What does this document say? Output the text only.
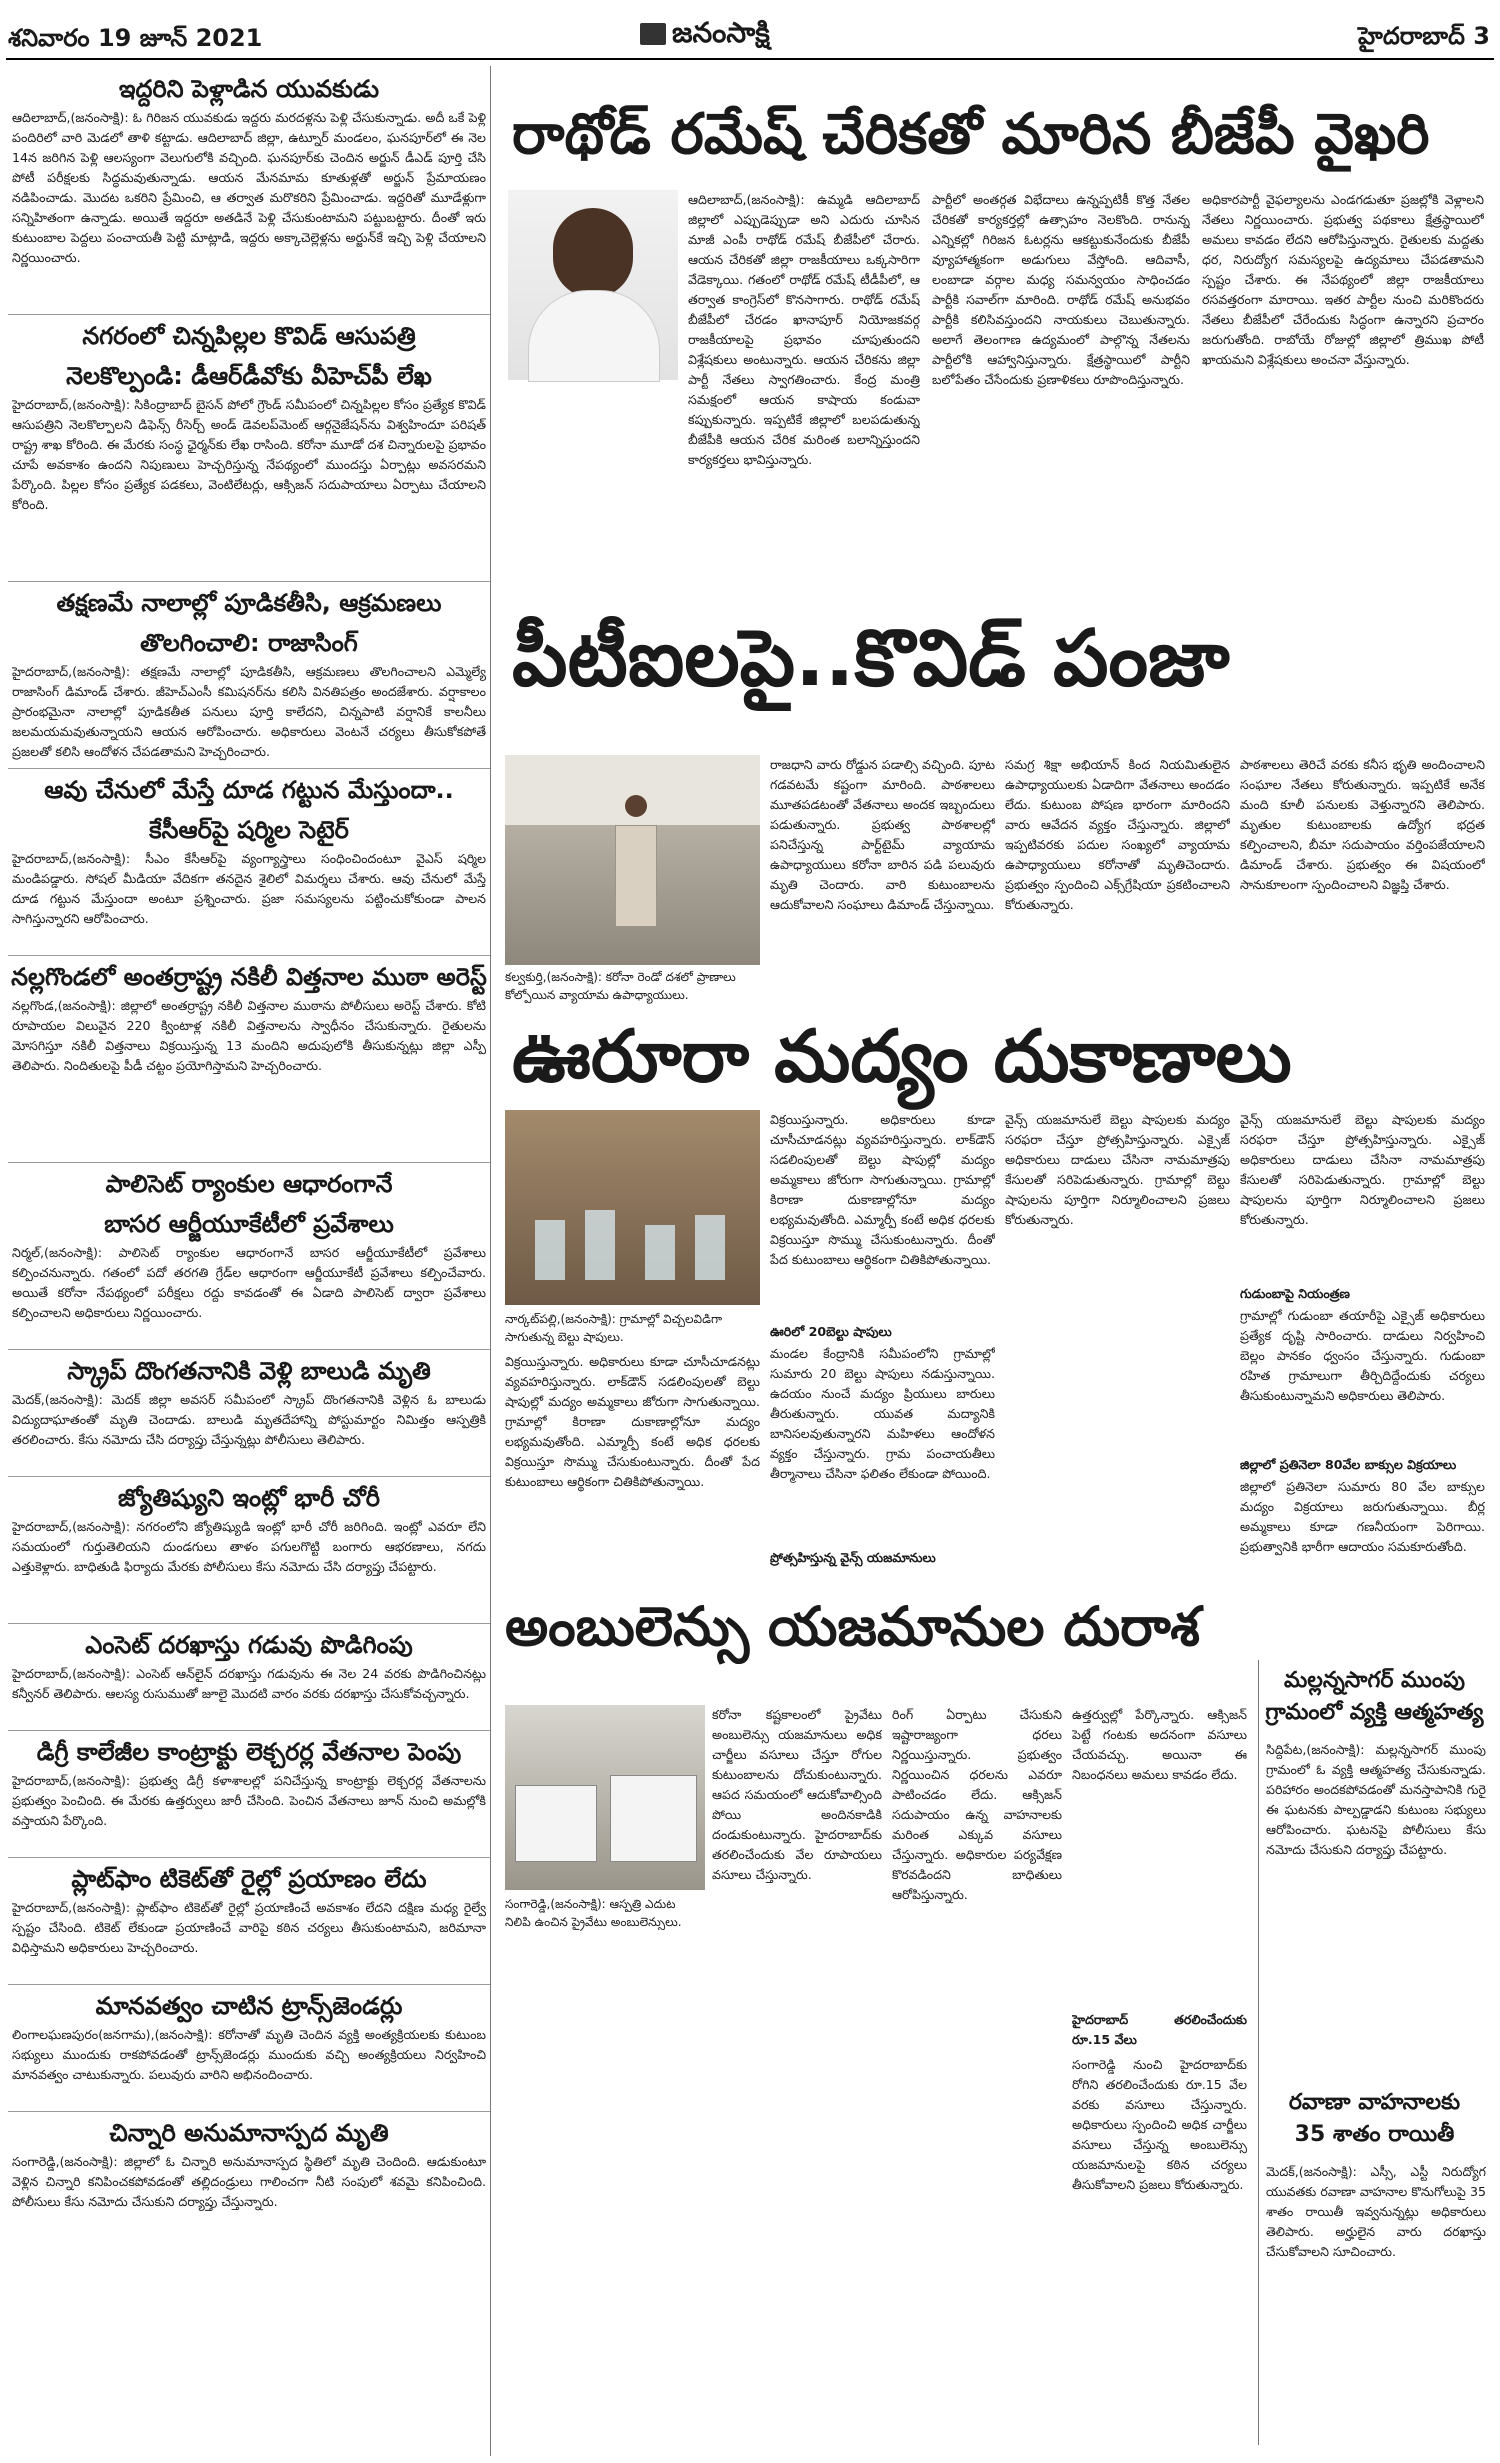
శనివారం 19 జూన్ 2021	జనంసాక్షి	హైదరాబాద్ 3
ఇద్దరిని పెళ్లాడిన యువకుడు
ఆదిలాబాద్‌,(జనంసాక్షి): ఓ గిరిజన యువకుడు ఇద్దరు మరదళ్లను పెళ్లి చేసుకున్నాడు. అదీ ఒకే పెళ్లి పందిరిలో వారి మెడలో తాళి కట్టాడు. ఆదిలాబాద్‌ జిల్లా, ఉట్నూర్‌ మండలం, ఘనపూర్‌లో ఈ నెల 14న జరిగిన పెళ్లి ఆలస్యంగా వెలుగులోకి వచ్చింది. ఘనపూర్‌కు చెందిన అర్జున్‌ డీఎడ్‌ పూర్తి చేసి పోటీ పరీక్షలకు సిద్ధమవుతున్నాడు. ఆయన మేనమామ కూతుళ్లతో అర్జున్‌ ప్రేమాయణం నడిపించాడు. మొదట ఒకరిని ప్రేమించి, ఆ తర్వాత మరొకరిని ప్రేమించాడు. ఇద్దరితో మూడేళ్లుగా సన్నిహితంగా ఉన్నాడు. అయితే ఇద్దరూ అతడినే పెళ్లి చేసుకుంటామని పట్టుబట్టారు. దీంతో ఇరు కుటుంబాల పెద్దలు పంచాయతీ పెట్టి మాట్లాడి, ఇద్దరు అక్కాచెల్లెళ్లను అర్జున్‌కే ఇచ్చి పెళ్లి చేయాలని నిర్ణయించారు.
నగరంలో చిన్నపిల్లల కొవిడ్‌ ఆసుపత్రి
నెలకొల్పండి: డీఆర్‌డీవోకు వీహెచ్‌పీ లేఖ
హైదరాబాద్‌,(జనంసాక్షి): సికింద్రాబాద్‌ బైసన్‌ పోలో గ్రౌండ్‌ సమీపంలో చిన్నపిల్లల కోసం ప్రత్యేక కొవిడ్‌ ఆసుపత్రిని నెలకొల్పాలని డిఫెన్స్‌ రీసెర్చ్‌ అండ్‌ డెవలప్‌మెంట్‌ ఆర్గనైజేషన్‌ను విశ్వహిందూ పరిషత్‌ రాష్ట్ర శాఖ కోరింది. ఈ మేరకు సంస్థ ఛైర్మన్‌కు లేఖ రాసింది. కరోనా మూడో దశ చిన్నారులపై ప్రభావం చూపే అవకాశం ఉందని నిపుణులు హెచ్చరిస్తున్న నేపథ్యంలో ముందస్తు ఏర్పాట్లు అవసరమని పేర్కొంది. పిల్లల కోసం ప్రత్యేక పడకలు, వెంటిలేటర్లు, ఆక్సిజన్‌ సదుపాయాలు ఏర్పాటు చేయాలని కోరింది.
తక్షణమే నాలాల్లో పూడికతీసి, ఆక్రమణలు
తొలగించాలి: రాజాసింగ్‌
హైదరాబాద్‌,(జనంసాక్షి): తక్షణమే నాలాల్లో పూడికతీసి, ఆక్రమణలు తొలగించాలని ఎమ్మెల్యే రాజాసింగ్‌ డిమాండ్‌ చేశారు. జీహెచ్‌ఎంసీ కమిషనర్‌ను కలిసి వినతిపత్రం అందజేశారు. వర్షాకాలం ప్రారంభమైనా నాలాల్లో పూడికతీత పనులు పూర్తి కాలేదని, చిన్నపాటి వర్షానికే కాలనీలు జలమయమవుతున్నాయని ఆయన ఆరోపించారు. అధికారులు వెంటనే చర్యలు తీసుకోకపోతే ప్రజలతో కలిసి ఆందోళన చేపడతామని హెచ్చరించారు.
ఆవు చేనులో మేస్తే దూడ గట్టున మేస్తుందా..
కేసీఆర్‌పై షర్మిల సెటైర్‌
హైదరాబాద్‌,(జనంసాక్షి): సీఎం కేసీఆర్‌పై వ్యంగ్యాస్త్రాలు సంధించిందంటూ వైఎస్‌ షర్మిల మండిపడ్డారు. సోషల్‌ మీడియా వేదికగా తనదైన శైలిలో విమర్శలు చేశారు. ఆవు చేనులో మేస్తే దూడ గట్టున మేస్తుందా అంటూ ప్రశ్నించారు. ప్రజా సమస్యలను పట్టించుకోకుండా పాలన సాగిస్తున్నారని ఆరోపించారు.
నల్లగొండలో అంతర్రాష్ట్ర నకిలీ విత్తనాల ముఠా అరెస్ట్‌
నల్లగొండ,(జనంసాక్షి): జిల్లాలో అంతర్రాష్ట్ర నకిలీ విత్తనాల ముఠాను పోలీసులు అరెస్ట్‌ చేశారు. కోటి రూపాయల విలువైన 220 క్వింటాళ్ల నకిలీ విత్తనాలను స్వాధీనం చేసుకున్నారు. రైతులను మోసగిస్తూ నకిలీ విత్తనాలు విక్రయిస్తున్న 13 మందిని అదుపులోకి తీసుకున్నట్లు జిల్లా ఎస్పీ తెలిపారు. నిందితులపై పీడీ చట్టం ప్రయోగిస్తామని హెచ్చరించారు.
పాలిసెట్‌ ర్యాంకుల ఆధారంగానే
బాసర ఆర్జీయూకేటీలో ప్రవేశాలు
నిర్మల్‌,(జనంసాక్షి): పాలిసెట్‌ ర్యాంకుల ఆధారంగానే బాసర ఆర్జీయూకేటీలో ప్రవేశాలు కల్పించనున్నారు. గతంలో పదో తరగతి గ్రేడ్‌ల ఆధారంగా ఆర్జీయూకేటీ ప్రవేశాలు కల్పించేవారు. అయితే కరోనా నేపథ్యంలో పరీక్షలు రద్దు కావడంతో ఈ ఏడాది పాలిసెట్‌ ద్వారా ప్రవేశాలు కల్పించాలని అధికారులు నిర్ణయించారు.
స్క్రాప్‌ దొంగతనానికి వెళ్లి బాలుడి మృతి
మెదక్‌,(జనంసాక్షి): మెదక్‌ జిల్లా అవసర్‌ సమీపంలో స్క్రాప్‌ దొంగతనానికి వెళ్లిన ఓ బాలుడు విద్యుదాఘాతంతో మృతి చెందాడు. బాలుడి మృతదేహాన్ని పోస్టుమార్టం నిమిత్తం ఆస్పత్రికి తరలించారు. కేసు నమోదు చేసి దర్యాప్తు చేస్తున్నట్లు పోలీసులు తెలిపారు.
జ్యోతిష్యుని ఇంట్లో భారీ చోరీ
హైదరాబాద్‌,(జనంసాక్షి): నగరంలోని జ్యోతిష్యుడి ఇంట్లో భారీ చోరీ జరిగింది. ఇంట్లో ఎవరూ లేని సమయంలో గుర్తుతెలియని దుండగులు తాళం పగులగొట్టి బంగారు ఆభరణాలు, నగదు ఎత్తుకెళ్లారు. బాధితుడి ఫిర్యాదు మేరకు పోలీసులు కేసు నమోదు చేసి దర్యాప్తు చేపట్టారు.
ఎంసెట్‌ దరఖాస్తు గడువు పొడిగింపు
హైదరాబాద్‌,(జనంసాక్షి): ఎంసెట్‌ ఆన్‌లైన్‌ దరఖాస్తు గడువును ఈ నెల 24 వరకు పొడిగించినట్లు కన్వీనర్‌ తెలిపారు. ఆలస్య రుసుముతో జూలై మొదటి వారం వరకు దరఖాస్తు చేసుకోవచ్చన్నారు.
డిగ్రీ కాలేజీల కాంట్రాక్టు లెక్చరర్ల వేతనాల పెంపు
హైదరాబాద్‌,(జనంసాక్షి): ప్రభుత్వ డిగ్రీ కళాశాలల్లో పనిచేస్తున్న కాంట్రాక్టు లెక్చరర్ల వేతనాలను ప్రభుత్వం పెంచింది. ఈ మేరకు ఉత్తర్వులు జారీ చేసింది. పెంచిన వేతనాలు జూన్‌ నుంచి అమల్లోకి వస్తాయని పేర్కొంది.
ప్లాట్‌ఫాం టికెట్‌తో రైల్లో ప్రయాణం లేదు
హైదరాబాద్‌,(జనంసాక్షి): ప్లాట్‌ఫాం టికెట్‌తో రైల్లో ప్రయాణించే అవకాశం లేదని దక్షిణ మధ్య రైల్వే స్పష్టం చేసింది. టికెట్‌ లేకుండా ప్రయాణించే వారిపై కఠిన చర్యలు తీసుకుంటామని, జరిమానా విధిస్తామని అధికారులు హెచ్చరించారు.
మానవత్వం చాటిన ట్రాన్స్‌జెండర్లు
లింగాలఘణపురం(జనగామ),(జనంసాక్షి): కరోనాతో మృతి చెందిన వ్యక్తి అంత్యక్రియలకు కుటుంబ సభ్యులు ముందుకు రాకపోవడంతో ట్రాన్స్‌జెండర్లు ముందుకు వచ్చి అంత్యక్రియలు నిర్వహించి మానవత్వం చాటుకున్నారు. పలువురు వారిని అభినందించారు.
చిన్నారి అనుమానాస్పద మృతి
సంగారెడ్డి,(జనంసాక్షి): జిల్లాలో ఓ చిన్నారి అనుమానాస్పద స్థితిలో మృతి చెందింది. ఆడుకుంటూ వెళ్లిన చిన్నారి కనిపించకపోవడంతో తల్లిదండ్రులు గాలించగా నీటి సంపులో శవమై కనిపించింది. పోలీసులు కేసు నమోదు చేసుకుని దర్యాప్తు చేస్తున్నారు.
రాథోడ్‌ రమేష్‌ చేరికతో మారిన బీజేపీ వైఖరి
ఆదిలాబాద్‌,(జనంసాక్షి): ఉమ్మడి ఆదిలాబాద్‌ జిల్లాలో ఎప్పుడెప్పుడా అని ఎదురు చూసిన మాజీ ఎంపీ రాథోడ్‌ రమేష్‌ బీజేపీలో చేరారు. ఆయన చేరికతో జిల్లా రాజకీయాలు ఒక్కసారిగా వేడెక్కాయి. గతంలో రాథోడ్‌ రమేష్‌ టీడీపీలో, ఆ తర్వాత కాంగ్రెస్‌లో కొనసాగారు. రాథోడ్‌ రమేష్‌ బీజేపీలో చేరడం ఖానాపూర్‌ నియోజకవర్గ రాజకీయాలపై ప్రభావం చూపుతుందని విశ్లేషకులు అంటున్నారు. ఆయన చేరికను జిల్లా పార్టీ నేతలు స్వాగతించారు. కేంద్ర మంత్రి సమక్షంలో ఆయన కాషాయ కండువా కప్పుకున్నారు. ఇప్పటికే జిల్లాలో బలపడుతున్న బీజేపీకి ఆయన చేరిక మరింత బలాన్నిస్తుందని కార్యకర్తలు భావిస్తున్నారు.
పార్టీలో అంతర్గత విభేదాలు ఉన్నప్పటికీ కొత్త నేతల చేరికతో కార్యకర్తల్లో ఉత్సాహం నెలకొంది. రానున్న ఎన్నికల్లో గిరిజన ఓటర్లను ఆకట్టుకునేందుకు బీజేపీ వ్యూహాత్మకంగా అడుగులు వేస్తోంది. ఆదివాసీ, లంబాడా వర్గాల మధ్య సమన్వయం సాధించడం పార్టీకి సవాల్‌గా మారింది. రాథోడ్‌ రమేష్‌ అనుభవం పార్టీకి కలిసివస్తుందని నాయకులు చెబుతున్నారు. అలాగే తెలంగాణ ఉద్యమంలో పాల్గొన్న నేతలను పార్టీలోకి ఆహ్వానిస్తున్నారు. క్షేత్రస్థాయిలో పార్టీని బలోపేతం చేసేందుకు ప్రణాళికలు రూపొందిస్తున్నారు.
అధికారపార్టీ వైఫల్యాలను ఎండగడుతూ ప్రజల్లోకి వెళ్లాలని నేతలు నిర్ణయించారు. ప్రభుత్వ పథకాలు క్షేత్రస్థాయిలో అమలు కావడం లేదని ఆరోపిస్తున్నారు. రైతులకు మద్దతు ధర, నిరుద్యోగ సమస్యలపై ఉద్యమాలు చేపడతామని స్పష్టం చేశారు. ఈ నేపథ్యంలో జిల్లా రాజకీయాలు రసవత్తరంగా మారాయి. ఇతర పార్టీల నుంచి మరికొందరు నేతలు బీజేపీలో చేరేందుకు సిద్ధంగా ఉన్నారని ప్రచారం జరుగుతోంది. రాబోయే రోజుల్లో జిల్లాలో త్రిముఖ పోటీ ఖాయమని విశ్లేషకులు అంచనా వేస్తున్నారు.
పీటీఐలపై..కొవిడ్‌ పంజా
కల్వకుర్తి,(జనంసాక్షి): కరోనా రెండో దశలో ప్రాణాలు కోల్పోయిన వ్యాయామ ఉపాధ్యాయులు.
రాజధాని వారు రోడ్డున పడాల్సి వచ్చింది. పూట గడవటమే కష్టంగా మారింది. పాఠశాలలు మూతపడటంతో వేతనాలు అందక ఇబ్బందులు పడుతున్నారు. ప్రభుత్వ పాఠశాలల్లో పనిచేస్తున్న పార్ట్‌టైమ్‌ వ్యాయామ ఉపాధ్యాయులు కరోనా బారిన పడి పలువురు మృతి చెందారు. వారి కుటుంబాలను ఆదుకోవాలని సంఘాలు డిమాండ్‌ చేస్తున్నాయి.
సమగ్ర శిక్షా అభియాన్‌ కింద నియమితులైన ఉపాధ్యాయులకు ఏడాదిగా వేతనాలు అందడం లేదు. కుటుంబ పోషణ భారంగా మారిందని వారు ఆవేదన వ్యక్తం చేస్తున్నారు. జిల్లాలో ఇప్పటివరకు పదుల సంఖ్యలో వ్యాయామ ఉపాధ్యాయులు కరోనాతో మృతిచెందారు. ప్రభుత్వం స్పందించి ఎక్స్‌గ్రేషియా ప్రకటించాలని కోరుతున్నారు.
పాఠశాలలు తెరిచే వరకు కనీస భృతి అందించాలని సంఘాల నేతలు కోరుతున్నారు. ఇప్పటికే అనేక మంది కూలీ పనులకు వెళ్తున్నారని తెలిపారు. మృతుల కుటుంబాలకు ఉద్యోగ భద్రత కల్పించాలని, బీమా సదుపాయం వర్తింపజేయాలని డిమాండ్‌ చేశారు. ప్రభుత్వం ఈ విషయంలో సానుకూలంగా స్పందించాలని విజ్ఞప్తి చేశారు.
ఊరూరా మద్యం దుకాణాలు
నార్కట్‌పల్లి,(జనంసాక్షి): గ్రామాల్లో విచ్చలవిడిగా సాగుతున్న బెల్టు షాపులు.
విక్రయిస్తున్నారు. అధికారులు కూడా చూసీచూడనట్లు వ్యవహరిస్తున్నారు. లాక్‌డౌన్‌ సడలింపులతో బెల్టు షాపుల్లో మద్యం అమ్మకాలు జోరుగా సాగుతున్నాయి. గ్రామాల్లో కిరాణా దుకాణాల్లోనూ మద్యం లభ్యమవుతోంది. ఎమ్మార్పీ కంటే అధిక ధరలకు విక్రయిస్తూ సొమ్ము చేసుకుంటున్నారు. దీంతో పేద కుటుంబాలు ఆర్థికంగా చితికిపోతున్నాయి.
విక్రయిస్తున్నారు. అధికారులు కూడా చూసీచూడనట్లు వ్యవహరిస్తున్నారు. లాక్‌డౌన్‌ సడలింపులతో బెల్టు షాపుల్లో మద్యం అమ్మకాలు జోరుగా సాగుతున్నాయి. గ్రామాల్లో కిరాణా దుకాణాల్లోనూ మద్యం లభ్యమవుతోంది. ఎమ్మార్పీ కంటే అధిక ధరలకు విక్రయిస్తూ సొమ్ము చేసుకుంటున్నారు. దీంతో పేద కుటుంబాలు ఆర్థికంగా చితికిపోతున్నాయి.
ఊరిలో 20బెల్టు షాపులు
మండల కేంద్రానికి సమీపంలోని గ్రామాల్లో సుమారు 20 బెల్టు షాపులు నడుస్తున్నాయి. ఉదయం నుంచే మద్యం ప్రియులు బారులు తీరుతున్నారు. యువత మద్యానికి బానిసలవుతున్నారని మహిళలు ఆందోళన వ్యక్తం చేస్తున్నారు. గ్రామ పంచాయతీలు తీర్మానాలు చేసినా ఫలితం లేకుండా పోయింది.
ప్రోత్సహిస్తున్న వైన్స్‌ యజమానులు
వైన్స్‌ యజమానులే బెల్టు షాపులకు మద్యం సరఫరా చేస్తూ ప్రోత్సహిస్తున్నారు. ఎక్సైజ్‌ అధికారులు దాడులు చేసినా నామమాత్రపు కేసులతో సరిపెడుతున్నారు. గ్రామాల్లో బెల్టు షాపులను పూర్తిగా నిర్మూలించాలని ప్రజలు కోరుతున్నారు.
వైన్స్‌ యజమానులే బెల్టు షాపులకు మద్యం సరఫరా చేస్తూ ప్రోత్సహిస్తున్నారు. ఎక్సైజ్‌ అధికారులు దాడులు చేసినా నామమాత్రపు కేసులతో సరిపెడుతున్నారు. గ్రామాల్లో బెల్టు షాపులను పూర్తిగా నిర్మూలించాలని ప్రజలు కోరుతున్నారు.
గుడుంబాపై నియంత్రణ
గ్రామాల్లో గుడుంబా తయారీపై ఎక్సైజ్‌ అధికారులు ప్రత్యేక దృష్టి సారించారు. దాడులు నిర్వహించి బెల్లం పానకం ధ్వంసం చేస్తున్నారు. గుడుంబా రహిత గ్రామాలుగా తీర్చిదిద్దేందుకు చర్యలు తీసుకుంటున్నామని అధికారులు తెలిపారు.
జిల్లాలో ప్రతినెలా 80వేల బాక్సుల విక్రయాలు
జిల్లాలో ప్రతినెలా సుమారు 80 వేల బాక్సుల మద్యం విక్రయాలు జరుగుతున్నాయి. బీర్ల అమ్మకాలు కూడా గణనీయంగా పెరిగాయి. ప్రభుత్వానికి భారీగా ఆదాయం సమకూరుతోంది.
అంబులెన్సు యజమానుల దురాశ
సంగారెడ్డి,(జనంసాక్షి): ఆస్పత్రి ఎదుట నిలిపి ఉంచిన ప్రైవేటు అంబులెన్సులు.
కరోనా కష్టకాలంలో ప్రైవేటు అంబులెన్సు యజమానులు అధిక చార్జీలు వసూలు చేస్తూ రోగుల కుటుంబాలను దోచుకుంటున్నారు. ఆపద సమయంలో ఆదుకోవాల్సింది పోయి అందినకాడికి దండుకుంటున్నారు. హైదరాబాద్‌కు తరలించేందుకు వేల రూపాయలు వసూలు చేస్తున్నారు.
రింగ్‌ ఏర్పాటు చేసుకుని ఇష్టారాజ్యంగా ధరలు నిర్ణయిస్తున్నారు. ప్రభుత్వం నిర్ణయించిన ధరలను ఎవరూ పాటించడం లేదు. ఆక్సిజన్‌ సదుపాయం ఉన్న వాహనాలకు మరింత ఎక్కువ వసూలు చేస్తున్నారు. అధికారుల పర్యవేక్షణ కొరవడిందని బాధితులు ఆరోపిస్తున్నారు.
ఉత్తర్వుల్లో పేర్కొన్నారు. ఆక్సిజన్‌ పెట్టే గంటకు అదనంగా వసూలు చేయవచ్చు. అయినా ఈ నిబంధనలు అమలు కావడం లేదు.
హైదరాబాద్‌ తరలించేందుకు రూ.15 వేలు
సంగారెడ్డి నుంచి హైదరాబాద్‌కు రోగిని తరలించేందుకు రూ.15 వేల వరకు వసూలు చేస్తున్నారు. అధికారులు స్పందించి అధిక చార్జీలు వసూలు చేస్తున్న అంబులెన్సు యజమానులపై కఠిన చర్యలు తీసుకోవాలని ప్రజలు కోరుతున్నారు.
మల్లన్నసాగర్‌ ముంపు
గ్రామంలో వ్యక్తి ఆత్మహత్య
సిద్దిపేట,(జనంసాక్షి): మల్లన్నసాగర్‌ ముంపు గ్రామంలో ఓ వ్యక్తి ఆత్మహత్య చేసుకున్నాడు. పరిహారం అందకపోవడంతో మనస్తాపానికి గురై ఈ ఘటనకు పాల్పడ్డాడని కుటుంబ సభ్యులు ఆరోపించారు. ఘటనపై పోలీసులు కేసు నమోదు చేసుకుని దర్యాప్తు చేపట్టారు.
రవాణా వాహనాలకు
35 శాతం రాయితీ
మెదక్‌,(జనంసాక్షి): ఎస్సీ, ఎస్టీ నిరుద్యోగ యువతకు రవాణా వాహనాల కొనుగోలుపై 35 శాతం రాయితీ ఇవ్వనున్నట్లు అధికారులు తెలిపారు. అర్హులైన వారు దరఖాస్తు చేసుకోవాలని సూచించారు.
